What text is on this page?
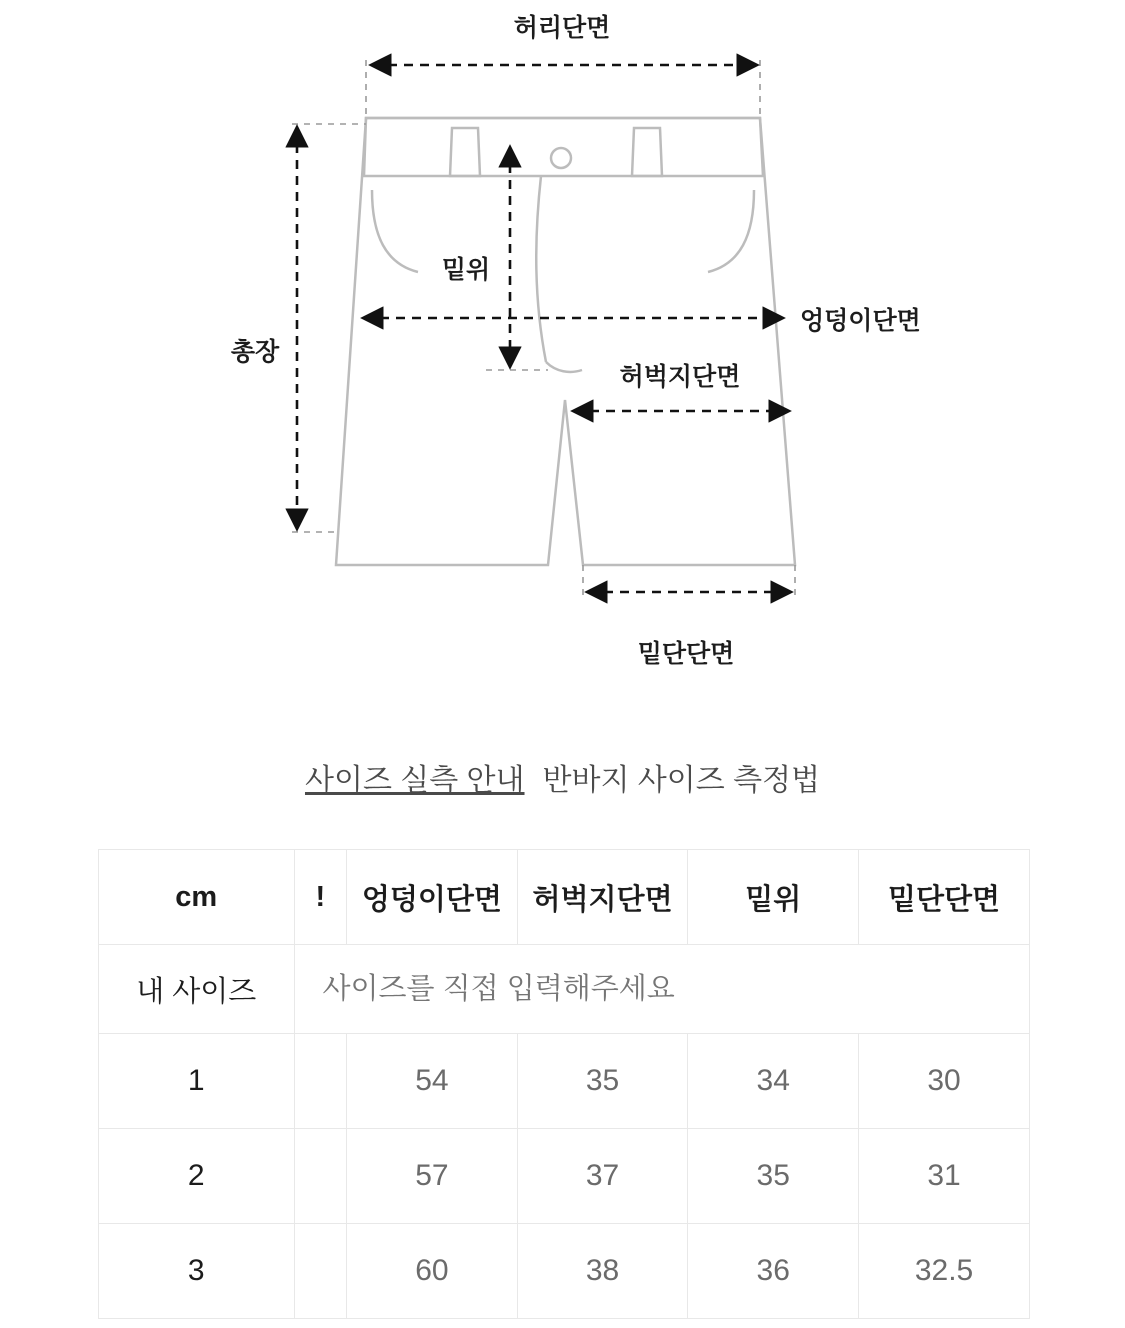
허리단면
밑위
엉덩이단면
허벅지단면
총장
밑단단면
사이즈 실측 안내 반바지 사이즈 측정법
cm	!	엉덩이단면	허벅지단면	밑위	밑단단면
내 사이즈	사이즈를 직접 입력해주세요
1		54	35	34	30
2		57	37	35	31
3		60	38	36	32.5
